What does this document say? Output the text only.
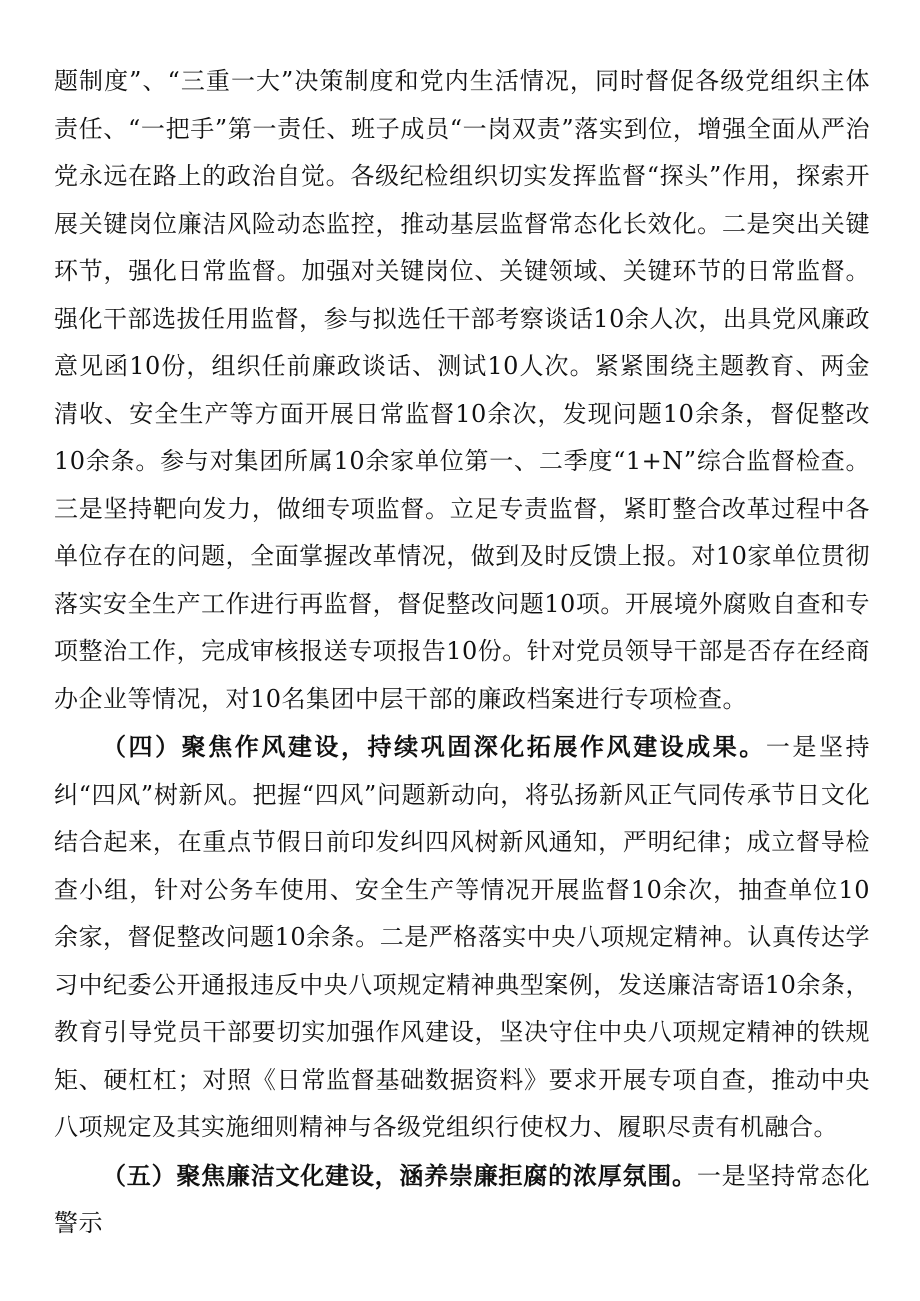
题制度”、“三重一大”决策制度和党内生活情况，同时督促各级党组织主体责任、“一把手”第一责任、班子成员“一岗双责”落实到位，增强全面从严治党永远在路上的政治自觉。各级纪检组织切实发挥监督“探头”作用，探索开展关键岗位廉洁风险动态监控，推动基层监督常态化长效化。二是突出关键环节，强化日常监督。加强对关键岗位、关键领域、关键环节的日常监督。强化干部选拔任用监督，参与拟选任干部考察谈话10余人次，出具党风廉政意见函10份，组织任前廉政谈话、测试10人次。紧紧围绕主题教育、两金清收、安全生产等方面开展日常监督10余次，发现问题10余条，督促整改10余条。参与对集团所属10余家单位第一、二季度“1+N”综合监督检查。三是坚持靶向发力，做细专项监督。立足专责监督，紧盯整合改革过程中各单位存在的问题，全面掌握改革情况，做到及时反馈上报。对10家单位贯彻落实安全生产工作进行再监督，督促整改问题10项。开展境外腐败自查和专项整治工作，完成审核报送专项报告10份。针对党员领导干部是否存在经商办企业等情况，对10名集团中层干部的廉政档案进行专项检查。

（四）聚焦作风建设，持续巩固深化拓展作风建设成果。一是坚持纠“四风”树新风。把握“四风”问题新动向，将弘扬新风正气同传承节日文化结合起来，在重点节假日前印发纠四风树新风通知，严明纪律；成立督导检查小组，针对公务车使用、安全生产等情况开展监督10余次，抽查单位10余家，督促整改问题10余条。二是严格落实中央八项规定精神。认真传达学习中纪委公开通报违反中央八项规定精神典型案例，发送廉洁寄语10余条，教育引导党员干部要切实加强作风建设，坚决守住中央八项规定精神的铁规矩、硬杠杠；对照《日常监督基础数据资料》要求开展专项自查，推动中央八项规定及其实施细则精神与各级党组织行使权力、履职尽责有机融合。

（五）聚焦廉洁文化建设，涵养崇廉拒腐的浓厚氛围。一是坚持常态化警示
